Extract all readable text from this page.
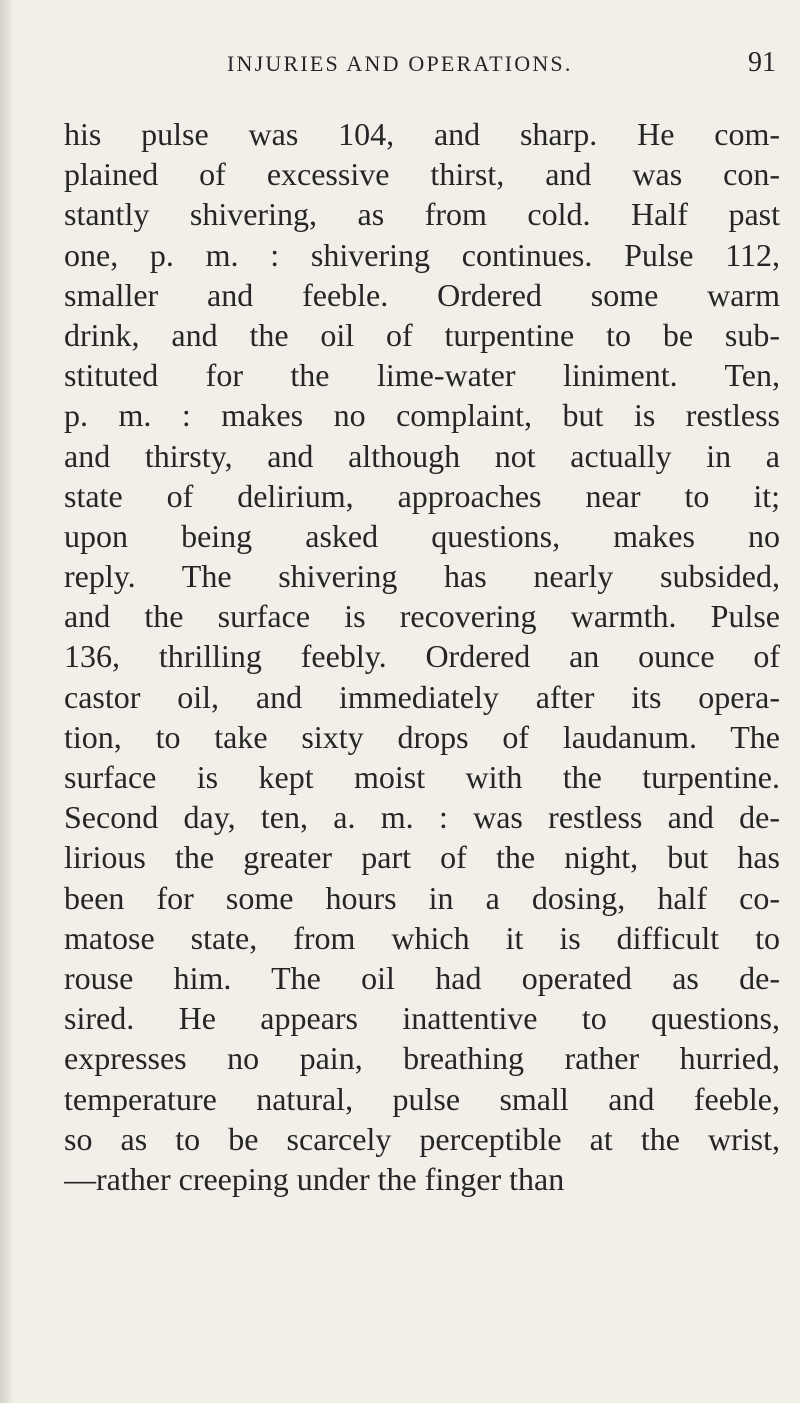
INJURIES AND OPERATIONS.	91
his pulse was 104, and sharp. He com-
plained of excessive thirst, and was con-
stantly shivering, as from cold. Half past
one, p. m. : shivering continues. Pulse 112,
smaller and feeble. Ordered some warm
drink, and the oil of turpentine to be sub-
stituted for the lime-water liniment. Ten,
p. m. : makes no complaint, but is restless
and thirsty, and although not actually in a
state of delirium, approaches near to it;
upon being asked questions, makes no
reply. The shivering has nearly subsided,
and the surface is recovering warmth. Pulse
136, thrilling feebly. Ordered an ounce of
castor oil, and immediately after its opera-
tion, to take sixty drops of laudanum. The
surface is kept moist with the turpentine.
Second day, ten, a. m. : was restless and de-
lirious the greater part of the night, but has
been for some hours in a dosing, half co-
matose state, from which it is difficult to
rouse him. The oil had operated as de-
sired. He appears inattentive to questions,
expresses no pain, breathing rather hurried,
temperature natural, pulse small and feeble,
so as to be scarcely perceptible at the wrist,
—rather creeping under the finger than
